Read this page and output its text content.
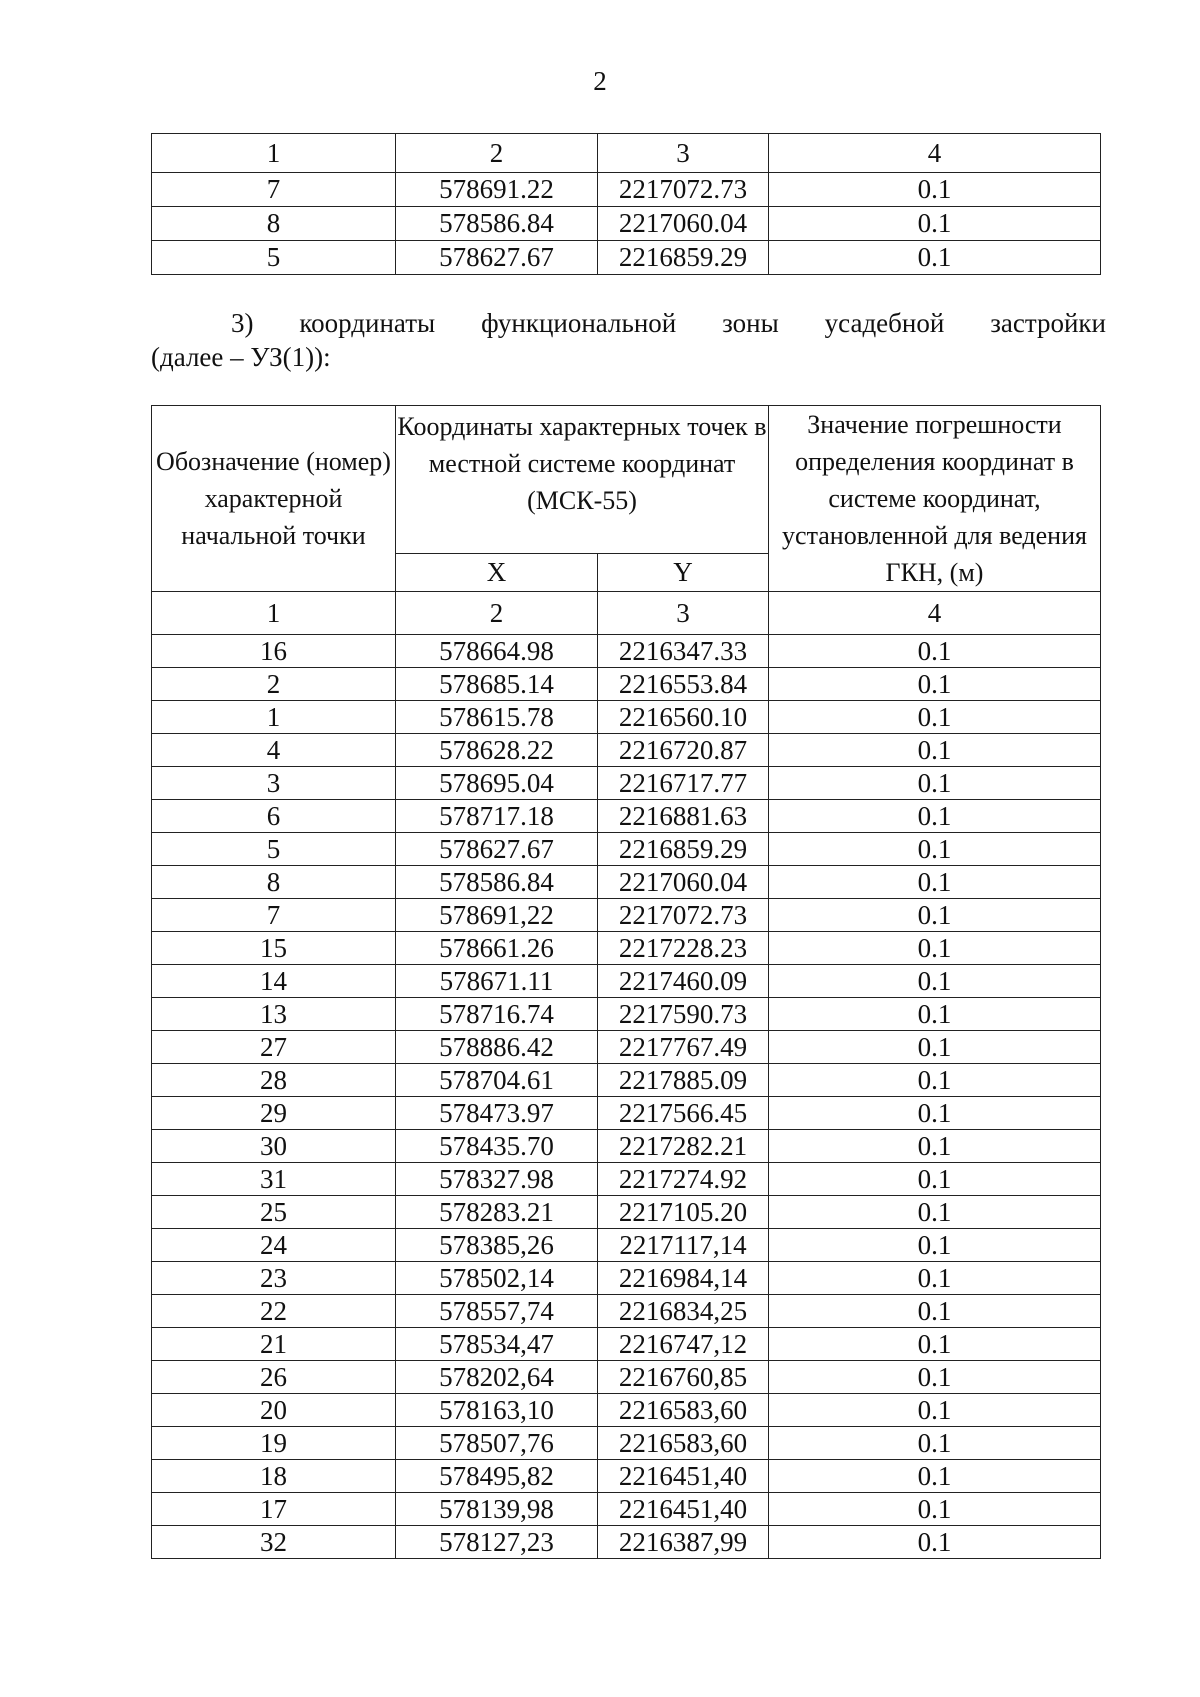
2
1	2	3	4
7	578691.22	2217072.73	0.1
8	578586.84	2217060.04	0.1
5	578627.67	2216859.29	0.1
3) координаты функциональной зоны усадебной застройки
(далее – УЗ(1)):
Обозначение (номер) характерной начальной точки	Координаты характерных точек в местной системе координат (МСК-55)		Значение погрешности определения координат в системе координат, установленной для ведения ГКН, (м)
	X	Y	
1	2	3	4
16	578664.98	2216347.33	0.1
2	578685.14	2216553.84	0.1
1	578615.78	2216560.10	0.1
4	578628.22	2216720.87	0.1
3	578695.04	2216717.77	0.1
6	578717.18	2216881.63	0.1
5	578627.67	2216859.29	0.1
8	578586.84	2217060.04	0.1
7	578691,22	2217072.73	0.1
15	578661.26	2217228.23	0.1
14	578671.11	2217460.09	0.1
13	578716.74	2217590.73	0.1
27	578886.42	2217767.49	0.1
28	578704.61	2217885.09	0.1
29	578473.97	2217566.45	0.1
30	578435.70	2217282.21	0.1
31	578327.98	2217274.92	0.1
25	578283.21	2217105.20	0.1
24	578385,26	2217117,14	0.1
23	578502,14	2216984,14	0.1
22	578557,74	2216834,25	0.1
21	578534,47	2216747,12	0.1
26	578202,64	2216760,85	0.1
20	578163,10	2216583,60	0.1
19	578507,76	2216583,60	0.1
18	578495,82	2216451,40	0.1
17	578139,98	2216451,40	0.1
32	578127,23	2216387,99	0.1
